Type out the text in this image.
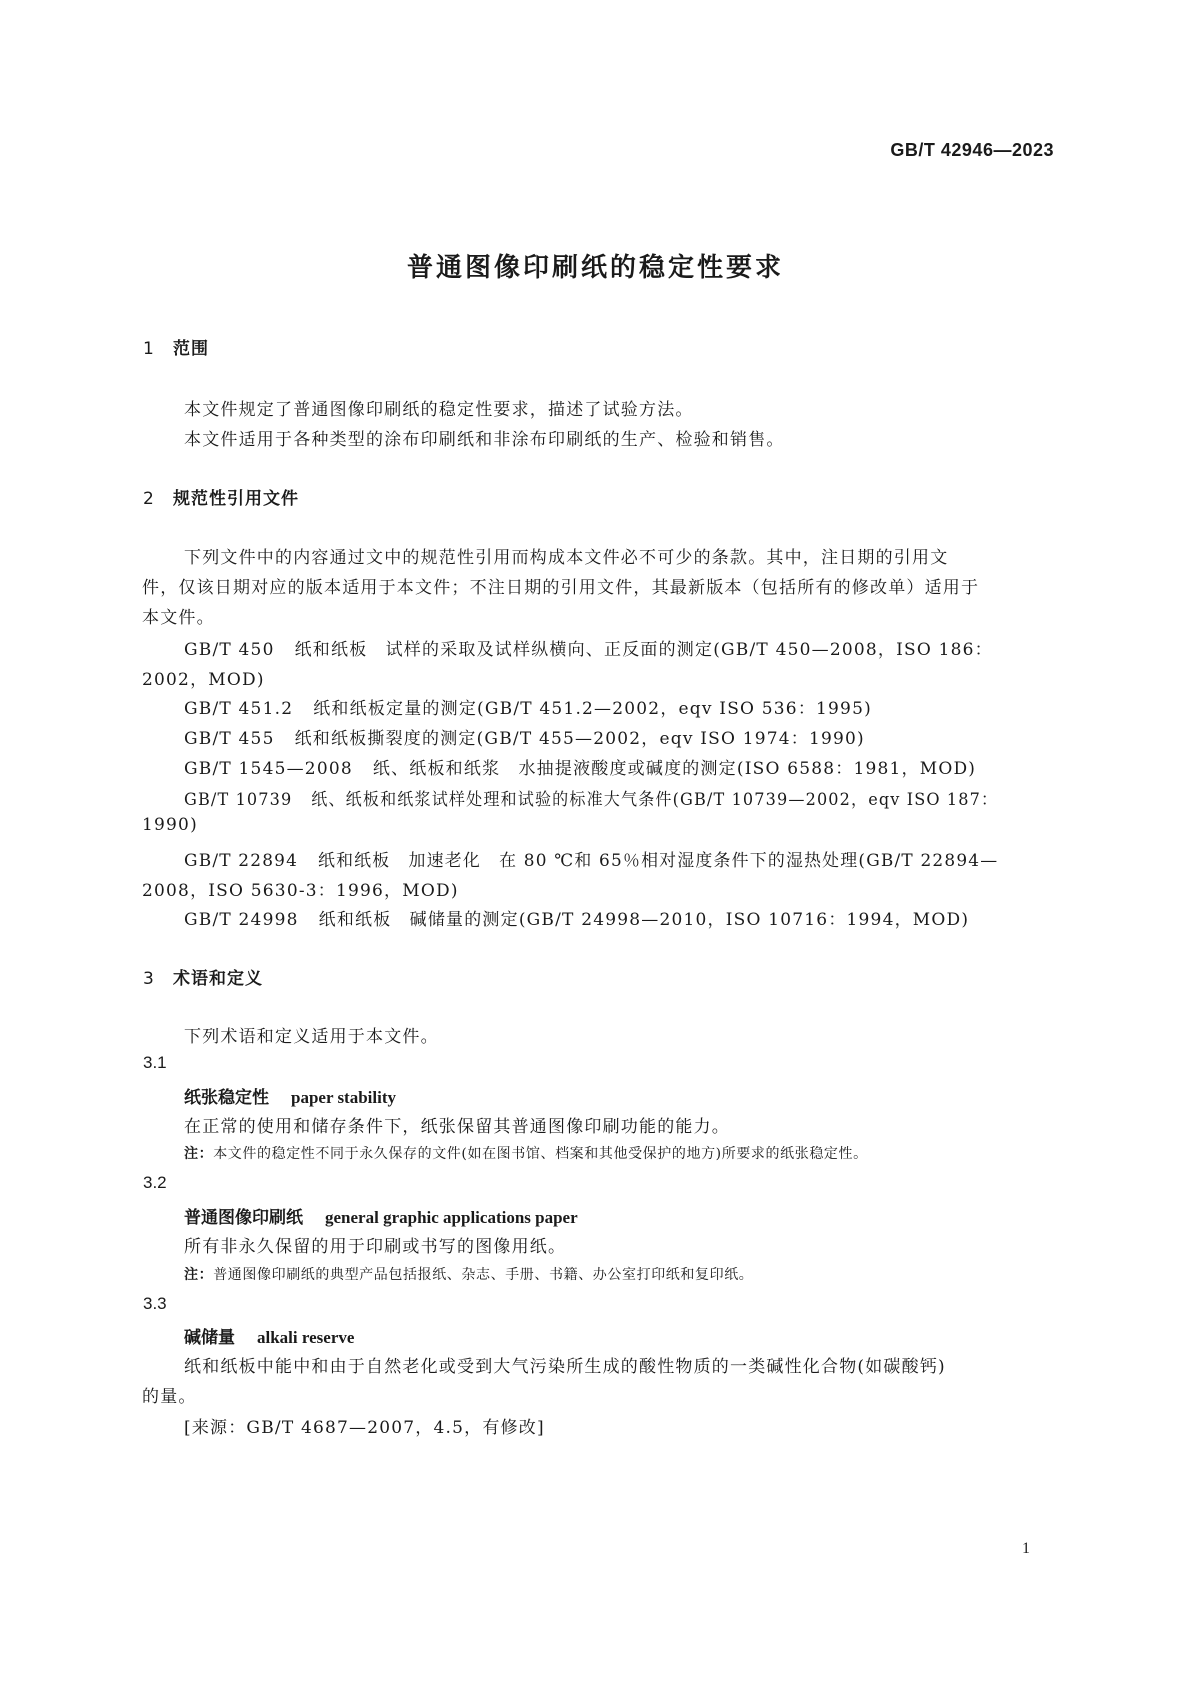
GB/T 42946—2023
普通图像印刷纸的稳定性要求
1 范围
本文件规定了普通图像印刷纸的稳定性要求，描述了试验方法。
本文件适用于各种类型的涂布印刷纸和非涂布印刷纸的生产、检验和销售。
2 规范性引用文件
下列文件中的内容通过文中的规范性引用而构成本文件必不可少的条款。其中，注日期的引用文
件，仅该日期对应的版本适用于本文件；不注日期的引用文件，其最新版本（包括所有的修改单）适用于
本文件。
GB/T 450 纸和纸板　试样的采取及试样纵横向、正反面的测定(GB/T 450—2008，ISO 186：
2002，MOD)
GB/T 451.2 纸和纸板定量的测定(GB/T 451.2—2002，eqv ISO 536：1995)
GB/T 455 纸和纸板撕裂度的测定(GB/T 455—2002，eqv ISO 1974：1990)
GB/T 1545—2008 纸、纸板和纸浆　水抽提液酸度或碱度的测定(ISO 6588：1981，MOD)
GB/T 10739 纸、纸板和纸浆试样处理和试验的标准大气条件(GB/T 10739—2002，eqv ISO 187：
1990)
GB/T 22894 纸和纸板　加速老化　在 80 ℃和 65％相对湿度条件下的湿热处理(GB/T 22894—
2008，ISO 5630-3：1996，MOD)
GB/T 24998 纸和纸板　碱储量的测定(GB/T 24998—2010，ISO 10716：1994，MOD)
3 术语和定义
下列术语和定义适用于本文件。
3.1
纸张稳定性 paper stability
在正常的使用和储存条件下，纸张保留其普通图像印刷功能的能力。
注：本文件的稳定性不同于永久保存的文件(如在图书馆、档案和其他受保护的地方)所要求的纸张稳定性。
3.2
普通图像印刷纸 general graphic applications paper
所有非永久保留的用于印刷或书写的图像用纸。
注：普通图像印刷纸的典型产品包括报纸、杂志、手册、书籍、办公室打印纸和复印纸。
3.3
碱储量 alkali reserve
纸和纸板中能中和由于自然老化或受到大气污染所生成的酸性物质的一类碱性化合物(如碳酸钙)
的量。
[来源：GB/T 4687—2007，4.5，有修改]
1
